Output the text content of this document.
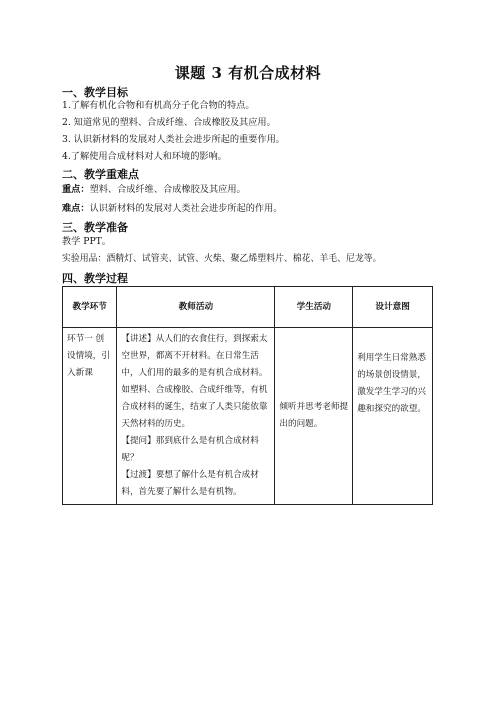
课题 3 有机合成材料
一、教学目标
1.了解有机化合物和有机高分子化合物的特点。
2. 知道常见的塑料、合成纤维、合成橡胶及其应用。
3. 认识新材料的发展对人类社会进步所起的重要作用。
4.了解使用合成材料对人和环境的影响。
二、教学重难点
重点：塑料、合成纤维、合成橡胶及其应用。
难点：认识新材料的发展对人类社会进步所起的作用。
三、教学准备
教学 PPT。
实验用品：酒精灯、试管夹、试管、火柴、聚乙烯塑料片、棉花、羊毛、尼龙等。
四、教学过程
教学环节	教师活动	学生活动	设计意图
环节一 创设情境，引入新课	【讲述】从人们的衣食住行，到探索太空世界，都离不开材料。在日常生活中，人们用的最多的是有机合成材料。如塑料、合成橡胶、合成纤维等，有机合成材料的诞生，结束了人类只能依靠天然材料的历史。
【提问】那到底什么是有机合成材料呢？
【过渡】要想了解什么是有机合成材料，首先要了解什么是有机物。	倾听并思考老师提出的问题。	利用学生日常熟悉的场景创设情景，激发学生学习的兴趣和探究的欲望。
